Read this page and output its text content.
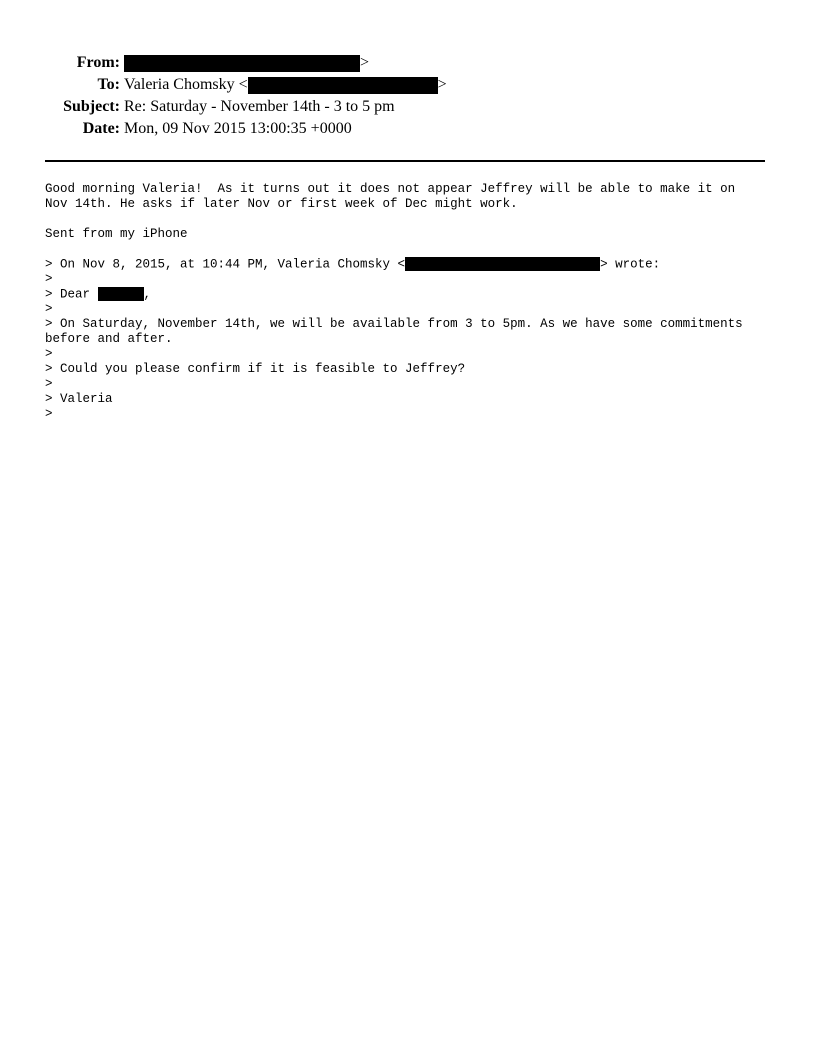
From:	>
To: Valeria Chomsky <	>
Subject: Re: Saturday - November 14th - 3 to 5 pm
Date: Mon, 09 Nov 2015 13:00:35 +0000
Good morning Valeria!  As it turns out it does not appear Jeffrey will be able to make it on
Nov 14th. He asks if later Nov or first week of Dec might work.
Sent from my iPhone
> On Nov 8, 2015, at 10:44 PM, Valeria Chomsky <	> wrote:
>
> Dear	,
>
> On Saturday, November 14th, we will be available from 3 to 5pm. As we have some commitments
before and after.
>
> Could you please confirm if it is feasible to Jeffrey?
>
> Valeria
>
